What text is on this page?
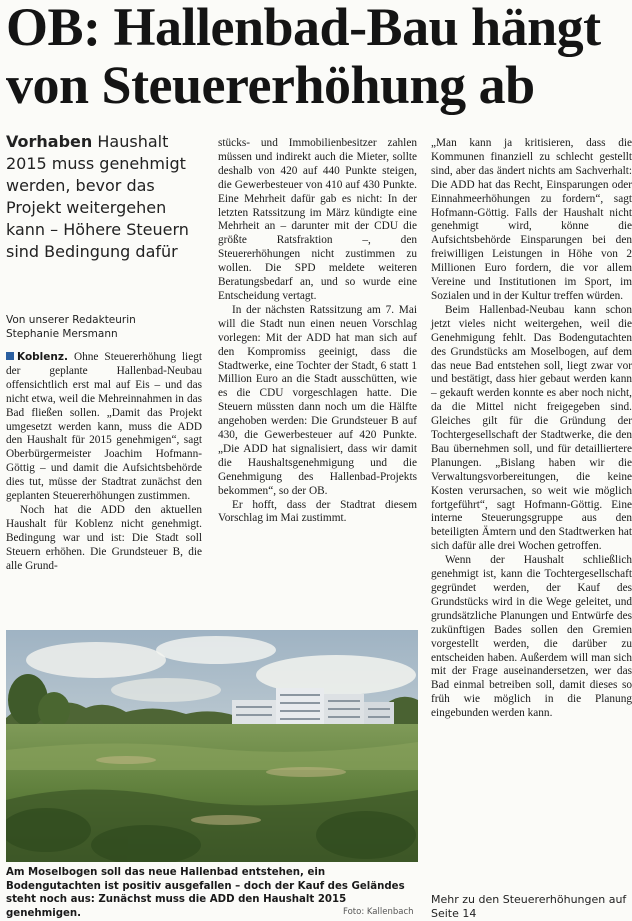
OB: Hallenbad-Bau hängt von Steuererhöhung ab
Vorhaben Haushalt 2015 muss genehmigt werden, bevor das Projekt weitergehen kann – Höhere Steuern sind Bedingung dafür
Von unserer Redakteurin
Stephanie Mersmann

Koblenz. Ohne Steuererhöhung liegt der geplante Hallenbad-Neubau offensichtlich erst mal auf Eis – und das nicht etwa, weil die Mehreinnahmen in das Bad fließen sollen. „Damit das Projekt umgesetzt werden kann, muss die ADD den Haushalt für 2015 genehmigen“, sagt Oberbürgermeister Joachim Hofmann-Göttig – und damit die Aufsichtsbehörde dies tut, müsse der Stadtrat zunächst den geplanten Steuererhöhungen zustimmen.

Noch hat die ADD den aktuellen Haushalt für Koblenz nicht genehmigt. Bedingung war und ist: Die Stadt soll Steuern erhöhen. Die Grundsteuer B, die alle Grund-

stücks- und Immobilienbesitzer zahlen müssen und indirekt auch die Mieter, sollte deshalb von 420 auf 440 Punkte steigen, die Gewerbesteuer von 410 auf 430 Punkte. Eine Mehrheit dafür gab es nicht: In der letzten Ratssitzung im März kündigte eine Mehrheit an – darunter mit der CDU die größte Ratsfraktion –, den Steuererhöhungen nicht zustimmen zu wollen. Die SPD meldete weiteren Beratungsbedarf an, und so wurde eine Entscheidung vertagt.

In der nächsten Ratssitzung am 7. Mai will die Stadt nun einen neuen Vorschlag vorlegen: Mit der ADD hat man sich auf den Kompromiss geeinigt, dass die Stadtwerke, eine Tochter der Stadt, 6 statt 1 Million Euro an die Stadt ausschütten, wie es die CDU vorgeschlagen hatte. Die Steuern müssten dann noch um die Hälfte angehoben werden: Die Grundsteuer B auf 430, die Gewerbesteuer auf 420 Punkte. „Die ADD hat signalisiert, dass wir damit die Haushaltsgenehmigung und die Genehmigung des Hallenbad-Projekts bekommen“, so der OB.

Er hofft, dass der Stadtrat diesem Vorschlag im Mai zustimmt.

„Man kann ja kritisieren, dass die Kommunen finanziell zu schlecht gestellt sind, aber das ändert nichts am Sachverhalt: Die ADD hat das Recht, Einsparungen oder Einnahmeerhöhungen zu fordern“, sagt Hofmann-Göttig. Falls der Haushalt nicht genehmigt wird, könne die Aufsichtsbehörde Einsparungen bei den freiwilligen Leistungen in Höhe von 2 Millionen Euro fordern, die vor allem Vereine und Institutionen im Sport, im Sozialen und in der Kultur treffen würden.

Beim Hallenbad-Neubau kann schon jetzt vieles nicht weitergehen, weil die Genehmigung fehlt. Das Bodengutachten des Grundstücks am Moselbogen, auf dem das neue Bad entstehen soll, liegt zwar vor und bestätigt, dass hier gebaut werden kann – gekauft werden konnte es aber noch nicht, da die Mittel nicht freigegeben sind. Gleiches gilt für die Gründung der Tochtergesellschaft der Stadtwerke, die den Bau übernehmen soll, und für detailliertere Planungen. „Bislang haben wir die Verwaltungsvorbereitungen, die keine Kosten verursachen, so weit wie möglich fortgeführt“, sagt Hofmann-Göttig. Eine interne Steuerungsgruppe aus den beteiligten Ämtern und den Stadtwerken hat sich dafür alle drei Wochen getroffen.

Wenn der Haushalt schließlich genehmigt ist, kann die Tochtergesellschaft gegründet werden, der Kauf des Grundstücks wird in die Wege geleitet, und grundsätzliche Planungen und Entwürfe des zukünftigen Bades sollen den Gremien vorgestellt werden, die darüber zu entscheiden haben. Außerdem will man sich mit der Frage auseinandersetzen, wer das Bad einmal betreiben soll, damit dieses so früh wie möglich in die Planung eingebunden werden kann.

Am Moselbogen soll das neue Hallenbad entstehen, ein Bodengutachten ist positiv ausgefallen – doch der Kauf des Geländes steht noch aus: Zunächst muss die ADD den Haushalt 2015 genehmigen.	Foto: Kallenbach
Mehr zu den Steuererhöhungen auf Seite 14
